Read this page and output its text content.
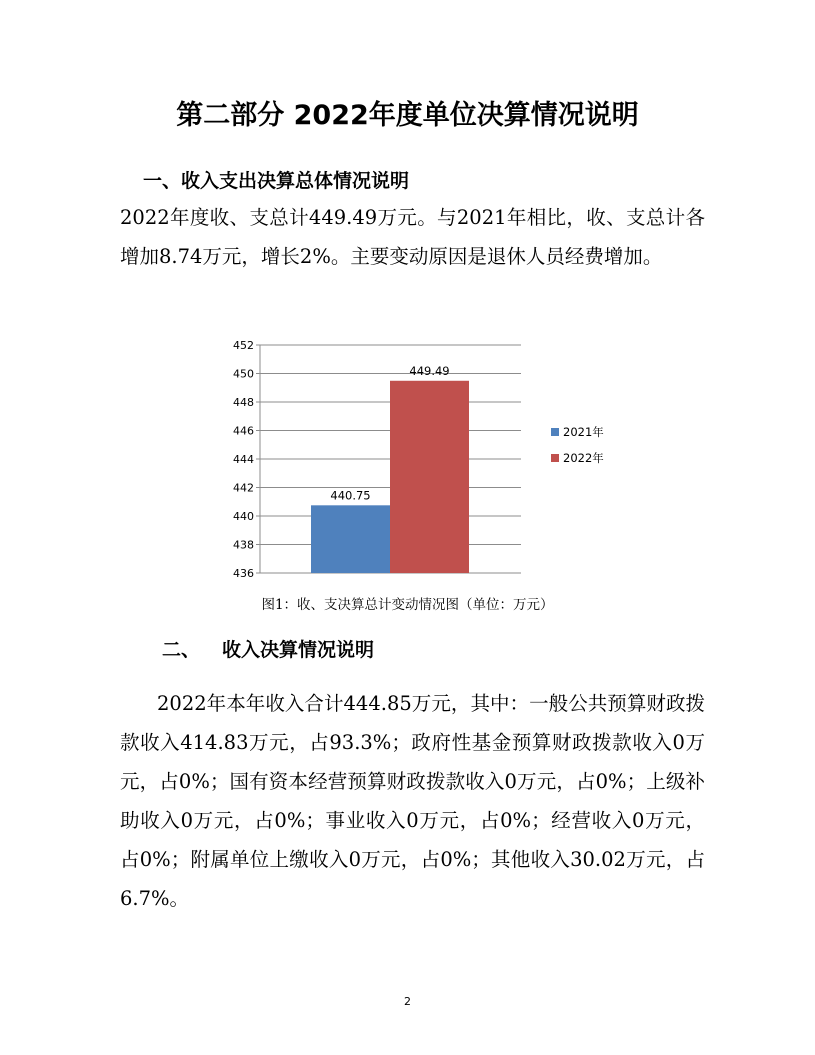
第二部分 2022年度单位决算情况说明
一、收入支出决算总体情况说明

2022年度收、支总计449.49万元。与2021年相比，收、支总计各增加8.74万元，增长2%。主要变动原因是退休人员经费增加。

436
438
440
442
444
446
448
450
452
440.75
449.49
2021年
2022年
图1：收、支决算总计变动情况图（单位：万元）
二、 收入决算情况说明

2022年本年收入合计444.85万元，其中：一般公共预算财政拨款收入414.83万元，占93.3%；政府性基金预算财政拨款收入0万元，占0%；国有资本经营预算财政拨款收入0万元，占0%；上级补助收入0万元，占0%；事业收入0万元，占0%；经营收入0万元，占0%；附属单位上缴收入0万元，占0%；其他收入30.02万元，占6.7%。

2
